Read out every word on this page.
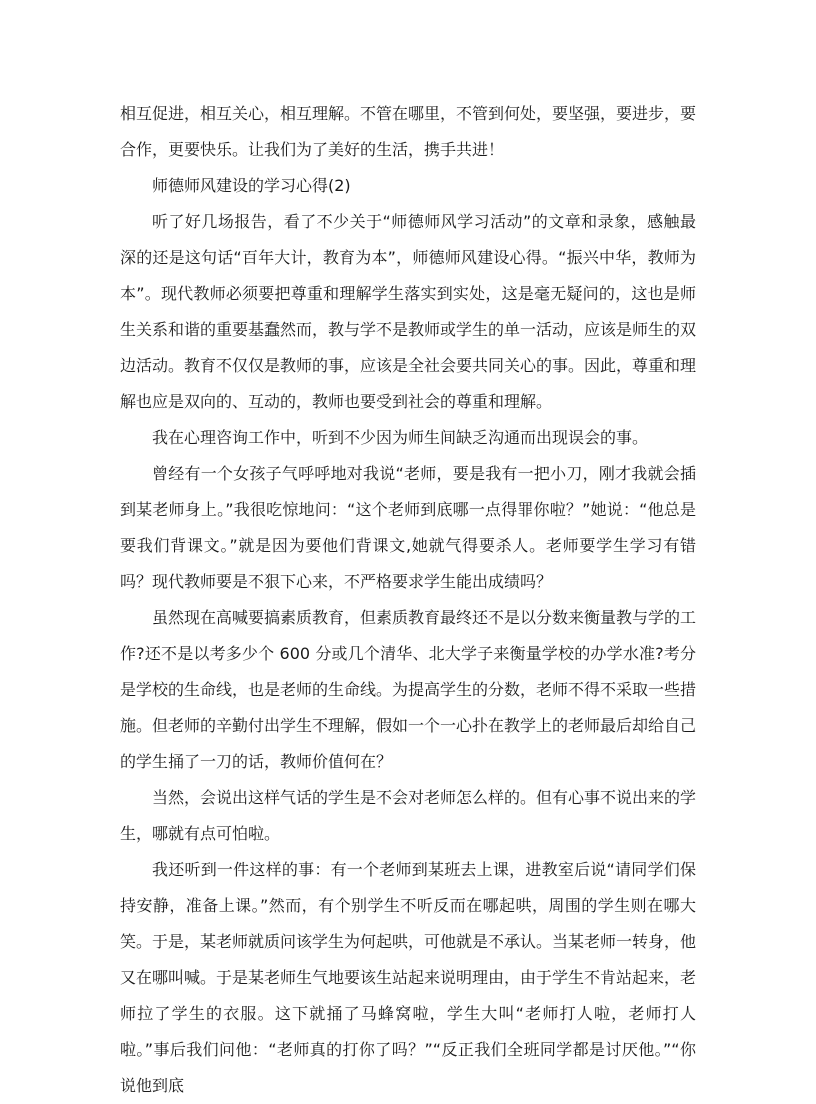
相互促进，相互关心，相互理解。不管在哪里，不管到何处，要坚强，要进步，要合作，更要快乐。让我们为了美好的生活，携手共进！

师德师风建设的学习心得(2)

听了好几场报告，看了不少关于“师德师风学习活动”的文章和录象，感触最深的还是这句话“百年大计，教育为本”，师德师风建设心得。“振兴中华，教师为本”。现代教师必须要把尊重和理解学生落实到实处，这是毫无疑问的，这也是师生关系和谐的重要基蠢然而，教与学不是教师或学生的单一活动，应该是师生的双边活动。教育不仅仅是教师的事，应该是全社会要共同关心的事。因此，尊重和理解也应是双向的、互动的，教师也要受到社会的尊重和理解。

我在心理咨询工作中，听到不少因为师生间缺乏沟通而出现误会的事。

曾经有一个女孩子气呼呼地对我说“老师，要是我有一把小刀，刚才我就会插到某老师身上。”我很吃惊地问：“这个老师到底哪一点得罪你啦？”她说：“他总是要我们背课文。”就是因为要他们背课文,她就气得要杀人。老师要学生学习有错吗？现代教师要是不狠下心来，不严格要求学生能出成绩吗？

虽然现在高喊要搞素质教育，但素质教育最终还不是以分数来衡量教与学的工作?还不是以考多少个 600 分或几个清华、北大学子来衡量学校的办学水准?考分是学校的生命线，也是老师的生命线。为提高学生的分数，老师不得不采取一些措施。但老师的辛勤付出学生不理解，假如一个一心扑在教学上的老师最后却给自己的学生捅了一刀的话，教师价值何在？

当然，会说出这样气话的学生是不会对老师怎么样的。但有心事不说出来的学生，哪就有点可怕啦。

我还听到一件这样的事：有一个老师到某班去上课，进教室后说“请同学们保持安静，准备上课。”然而，有个别学生不听反而在哪起哄，周围的学生则在哪大笑。于是，某老师就质问该学生为何起哄，可他就是不承认。当某老师一转身，他又在哪叫喊。于是某老师生气地要该生站起来说明理由，由于学生不肯站起来，老师拉了学生的衣服。这下就捅了马蜂窝啦，学生大叫“老师打人啦，老师打人啦。”事后我们问他：“老师真的打你了吗？”“反正我们全班同学都是讨厌他。”“你说他到底
